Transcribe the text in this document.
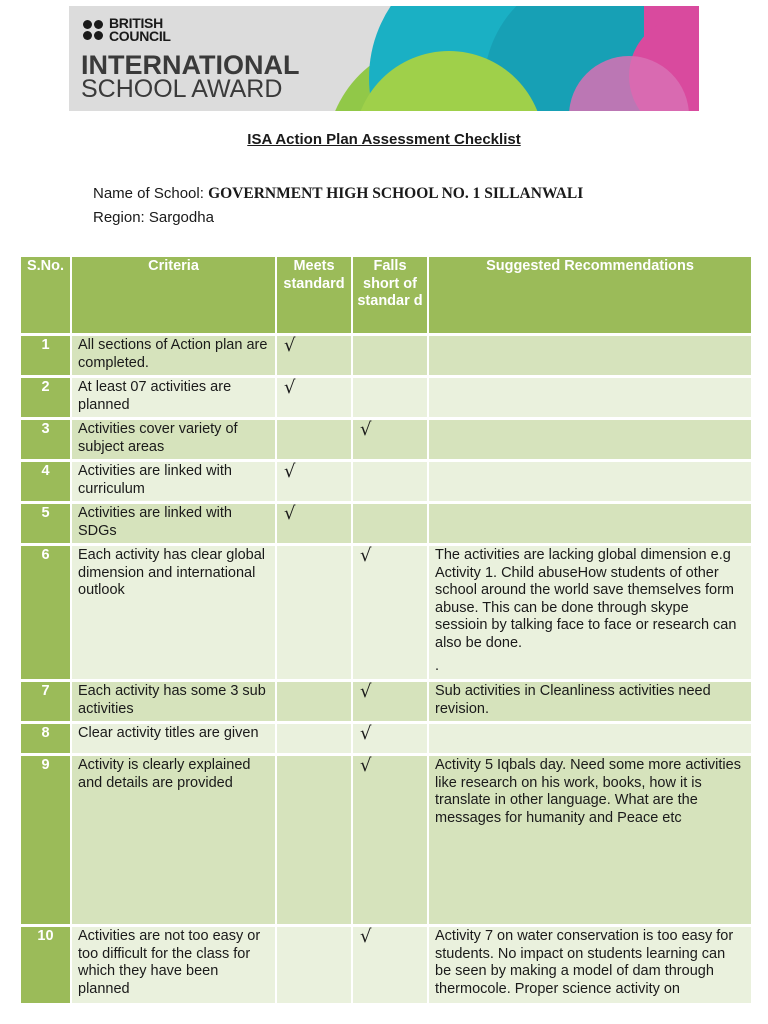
BRITISH
COUNCIL
INTERNATIONAL
SCHOOL AWARD
ISA Action Plan Assessment Checklist
Name of School: GOVERNMENT HIGH SCHOOL NO. 1 SILLANWALI
Region: Sargodha
S.No.	Criteria	Meets standard	Falls short of standar d	Suggested Recommendations
1	All sections of Action plan are completed.	√		
2	At least 07 activities are planned	√		
3	Activities cover variety of subject areas		√	
4	Activities are linked with curriculum	√		
5	Activities are linked with SDGs	√		
6	Each activity has clear global dimension and international outlook		√	The activities are lacking global dimension e.g Activity 1. Child abuseHow students of other school around the world save themselves form abuse. This can be done through skype sessioin by talking face to face or research can also be done.
.

7	Each activity has some 3 sub activities		√	Sub activities in Cleanliness activities need revision.
8	Clear activity titles are given		√	
9	Activity is clearly explained and details are provided		√	Activity 5 Iqbals day. Need some more activities like research on his work, books, how it is translate in other language. What are the messages for humanity and Peace etc
10	Activities are not too easy or too difficult for the class for which they have been planned		√	Activity 7 on water conservation is too easy for students. No impact on students learning can be seen by making a model of dam through thermocole. Proper science activity on
